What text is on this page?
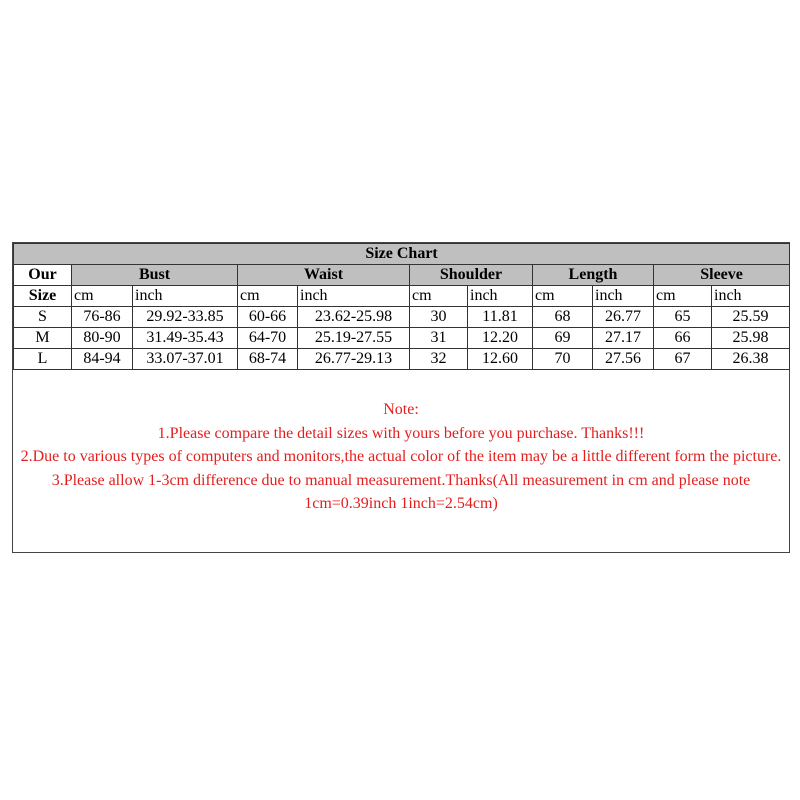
Size Chart										
Our	Bust		Waist		Shoulder		Length		Sleeve	
Size	cm	inch	cm	inch	cm	inch	cm	inch	cm	inch
S	76-86	29.92-33.85	60-66	23.62-25.98	30	11.81	68	26.77	65	25.59
M	80-90	31.49-35.43	64-70	25.19-27.55	31	12.20	69	27.17	66	25.98
L	84-94	33.07-37.01	68-74	26.77-29.13	32	12.60	70	27.56	67	26.38
Note:
1.Please compare the detail sizes with yours before you purchase. Thanks!!!
2.Due to various types of computers and monitors,the actual color of the item may be a little different form the picture.
3.Please allow 1-3cm difference due to manual measurement.Thanks(All measurement in cm and please note 1cm=0.39inch 1inch=2.54cm)
